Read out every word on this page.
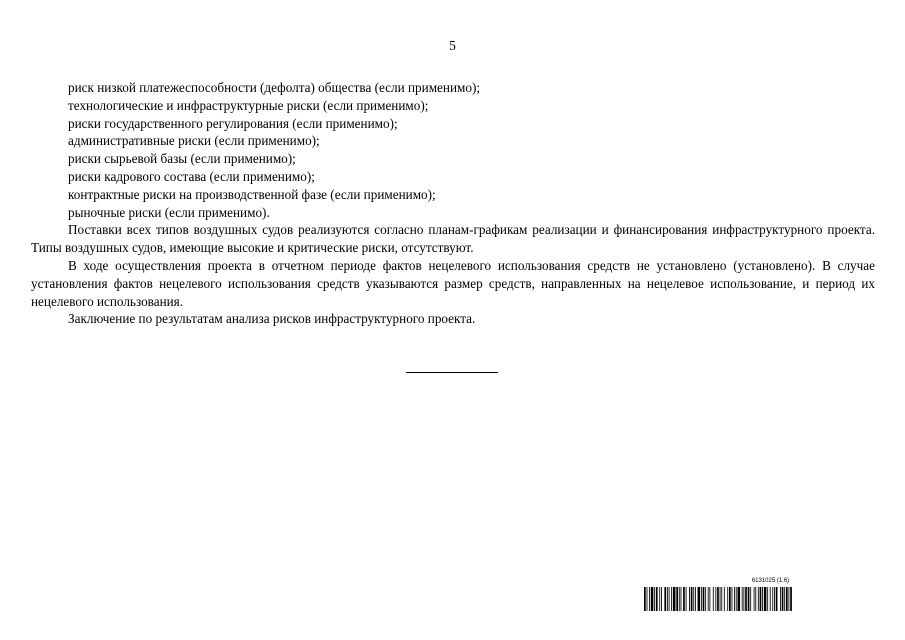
5

риск низкой платежеспособности (дефолта) общества (если применимо);

технологические и инфраструктурные риски (если применимо);

риски государственного регулирования (если применимо);

административные риски (если применимо);

риски сырьевой базы (если применимо);

риски кадрового состава (если применимо);

контрактные риски на производственной фазе (если применимо);

рыночные риски (если применимо).

Поставки всех типов воздушных судов реализуются согласно планам-графикам реализации и финансирования инфраструктурного проекта. Типы воздушных судов, имеющие высокие и критические риски, отсутствуют.

В ходе осуществления проекта в отчетном периоде фактов нецелевого использования средств не установлено (установлено). В случае установления фактов нецелевого использования средств указываются размер средств, направленных на нецелевое использование, и период их нецелевого использования.

Заключение по результатам анализа рисков инфраструктурного проекта.

6131025 (1.6)
